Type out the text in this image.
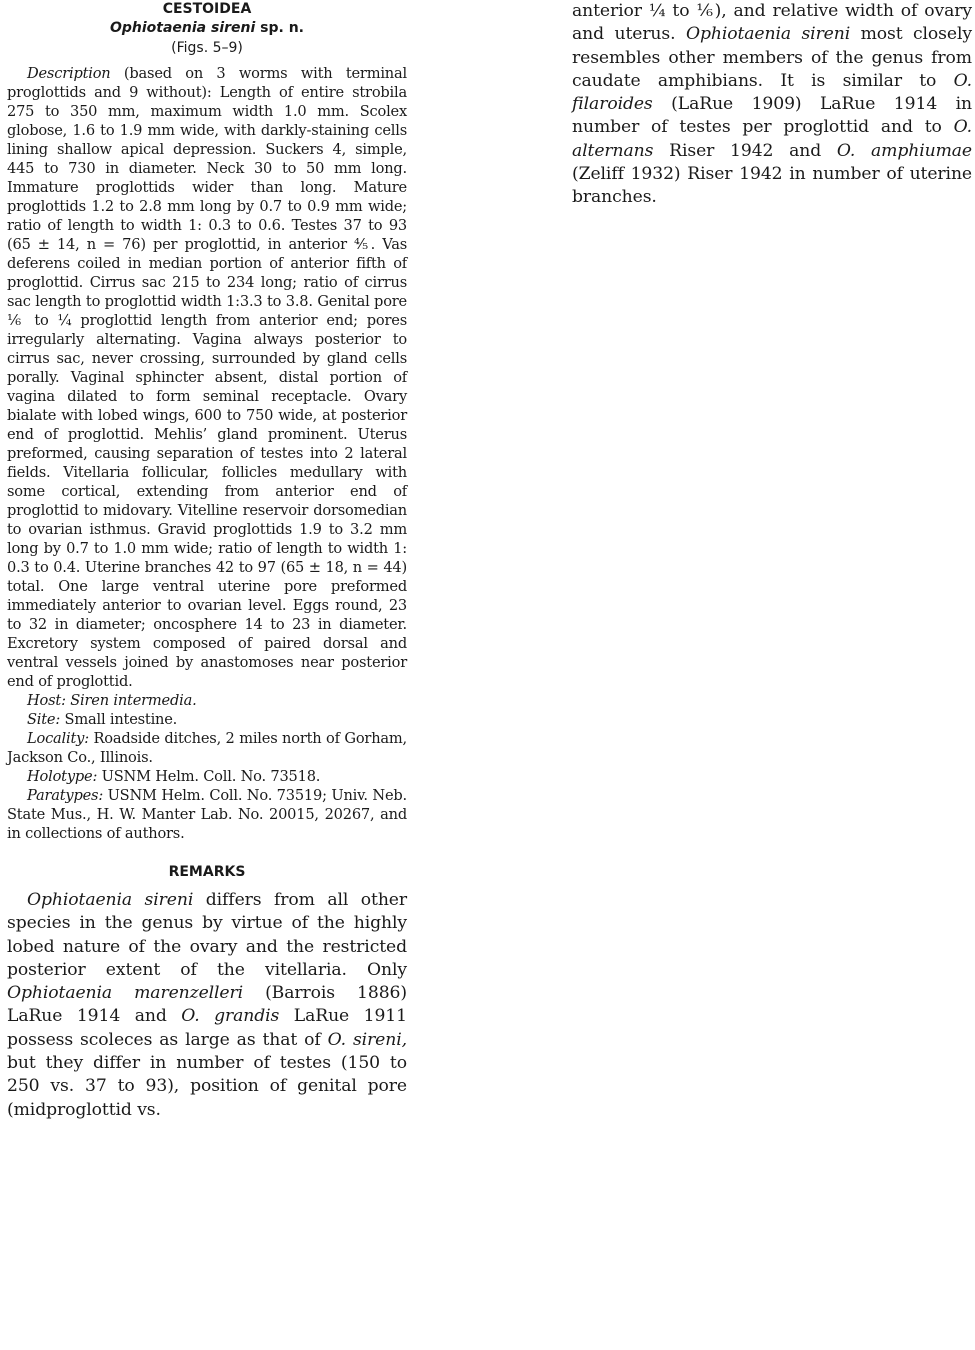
CESTOIDEA
Ophiotaenia sireni sp. n.
(Figs. 5–9)

Description (based on 3 worms with terminal proglottids and 9 without): Length of entire strobila 275 to 350 mm, maximum width 1.0 mm. Scolex globose, 1.6 to 1.9 mm wide, with darkly-staining cells lining shallow apical depression. Suckers 4, simple, 445 to 730 in diameter. Neck 30 to 50 mm long. Immature proglottids wider than long. Mature proglottids 1.2 to 2.8 mm long by 0.7 to 0.9 mm wide; ratio of length to width 1: 0.3 to 0.6. Testes 37 to 93 (65 ± 14, n = 76) per proglottid, in anterior ⅘. Vas deferens coiled in median portion of anterior fifth of proglottid. Cirrus sac 215 to 234 long; ratio of cirrus sac length to proglottid width 1:3.3 to 3.8. Genital pore ⅙ to ¼ proglottid length from anterior end; pores irregularly alternating. Vagina always posterior to cirrus sac, never crossing, surrounded by gland cells porally. Vaginal sphincter absent, distal portion of vagina dilated to form seminal receptacle. Ovary bialate with lobed wings, 600 to 750 wide, at posterior end of proglottid. Mehlis’ gland prominent. Uterus preformed, causing separation of testes into 2 lateral fields. Vitellaria follicular, follicles medullary with some cortical, extending from anterior end of proglottid to midovary. Vitelline reservoir dorsomedian to ovarian isthmus. Gravid proglottids 1.9 to 3.2 mm long by 0.7 to 1.0 mm wide; ratio of length to width 1: 0.3 to 0.4. Uterine branches 42 to 97 (65 ± 18, n = 44) total. One large ventral uterine pore preformed immediately anterior to ovarian level. Eggs round, 23 to 32 in diameter; oncosphere 14 to 23 in diameter. Excretory system composed of paired dorsal and ventral vessels joined by anastomoses near posterior end of proglottid.

Host: Siren intermedia.

Site: Small intestine.

Locality: Roadside ditches, 2 miles north of Gorham, Jackson Co., Illinois.

Holotype: USNM Helm. Coll. No. 73518.

Paratypes: USNM Helm. Coll. No. 73519; Univ. Neb. State Mus., H. W. Manter Lab. No. 20015, 20267, and in collections of authors.

REMARKS

Ophiotaenia sireni differs from all other species in the genus by virtue of the highly lobed nature of the ovary and the restricted posterior extent of the vitellaria. Only Ophiotaenia marenzelleri (Barrois 1886) LaRue 1914 and O. grandis LaRue 1911 possess scoleces as large as that of O. sireni, but they differ in number of testes (150 to 250 vs. 37 to 93), position of genital pore (midproglottid vs.

anterior ¼ to ⅙), and relative width of ovary and uterus. Ophiotaenia sireni most closely resembles other members of the genus from caudate amphibians. It is similar to O. filaroides (LaRue 1909) LaRue 1914 in number of testes per proglottid and to O. alternans Riser 1942 and O. amphiumae (Zeliff 1932) Riser 1942 in number of uterine branches.
